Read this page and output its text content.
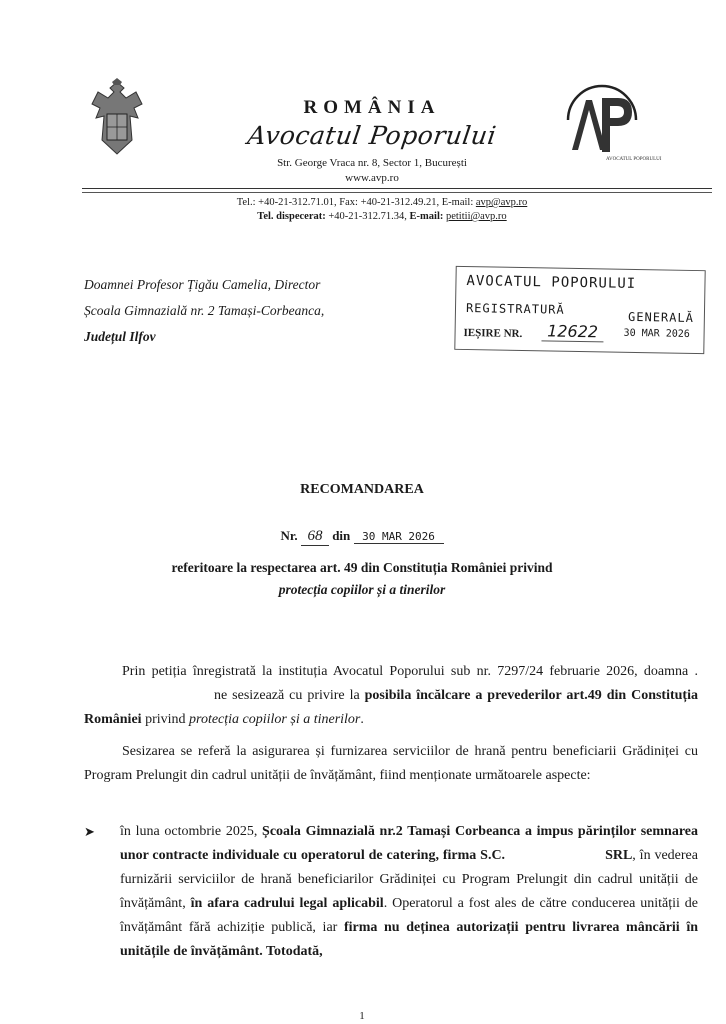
ROMÂNIA
Avocatul Poporului
Str. George Vraca nr. 8, Sector 1, București
www.avp.ro
AVOCATUL POPORULUI
Tel.: +40-21-312.71.01, Fax: +40-21-312.49.21, E-mail: avp@avp.ro
Tel. dispecerat: +40-21-312.71.34, E-mail: petitii@avp.ro
Doamnei Profesor Țigău Camelia, Director
Școala Gimnazială nr. 2 Tamași-Corbeanca,
Județul Ilfov
AVOCATUL POPORULUI
REGISTRATURĂ
GENERALĂ
IEȘIRE NR.	12622	30 MAR 2026
RECOMANDAREA
Nr. 68 din 30 MAR 2026
referitoare la respectarea art. 49 din Constituția României privind
protecția copiilor și a tinerilor
Prin petiția înregistrată la instituția Avocatul Poporului sub nr. 7297/24 februarie 2026, doamna .ne sesizează cu privire la posibila încălcare a prevederilor art.49 din Constituția României privind protecția copiilor și a tinerilor.
Sesizarea se referă la asigurarea și furnizarea serviciilor de hrană pentru beneficiarii Grădiniței cu Program Prelungit din cadrul unității de învățământ, fiind menționate următoarele aspecte:
➤ în luna octombrie 2025, Școala Gimnazială nr.2 Tamași Corbeanca a impus părinților semnarea unor contracte individuale cu operatorul de catering, firma S.C.	SRL, în vederea furnizării serviciilor de hrană beneficiarilor Grădiniței cu Program Prelungit din cadrul unității de învățământ, în afara cadrului legal aplicabil. Operatorul a fost ales de către conducerea unității de învățământ fără achiziție publică, iar firma nu deținea autorizații pentru livrarea mâncării în unitățile de învățământ. Totodată,
1
